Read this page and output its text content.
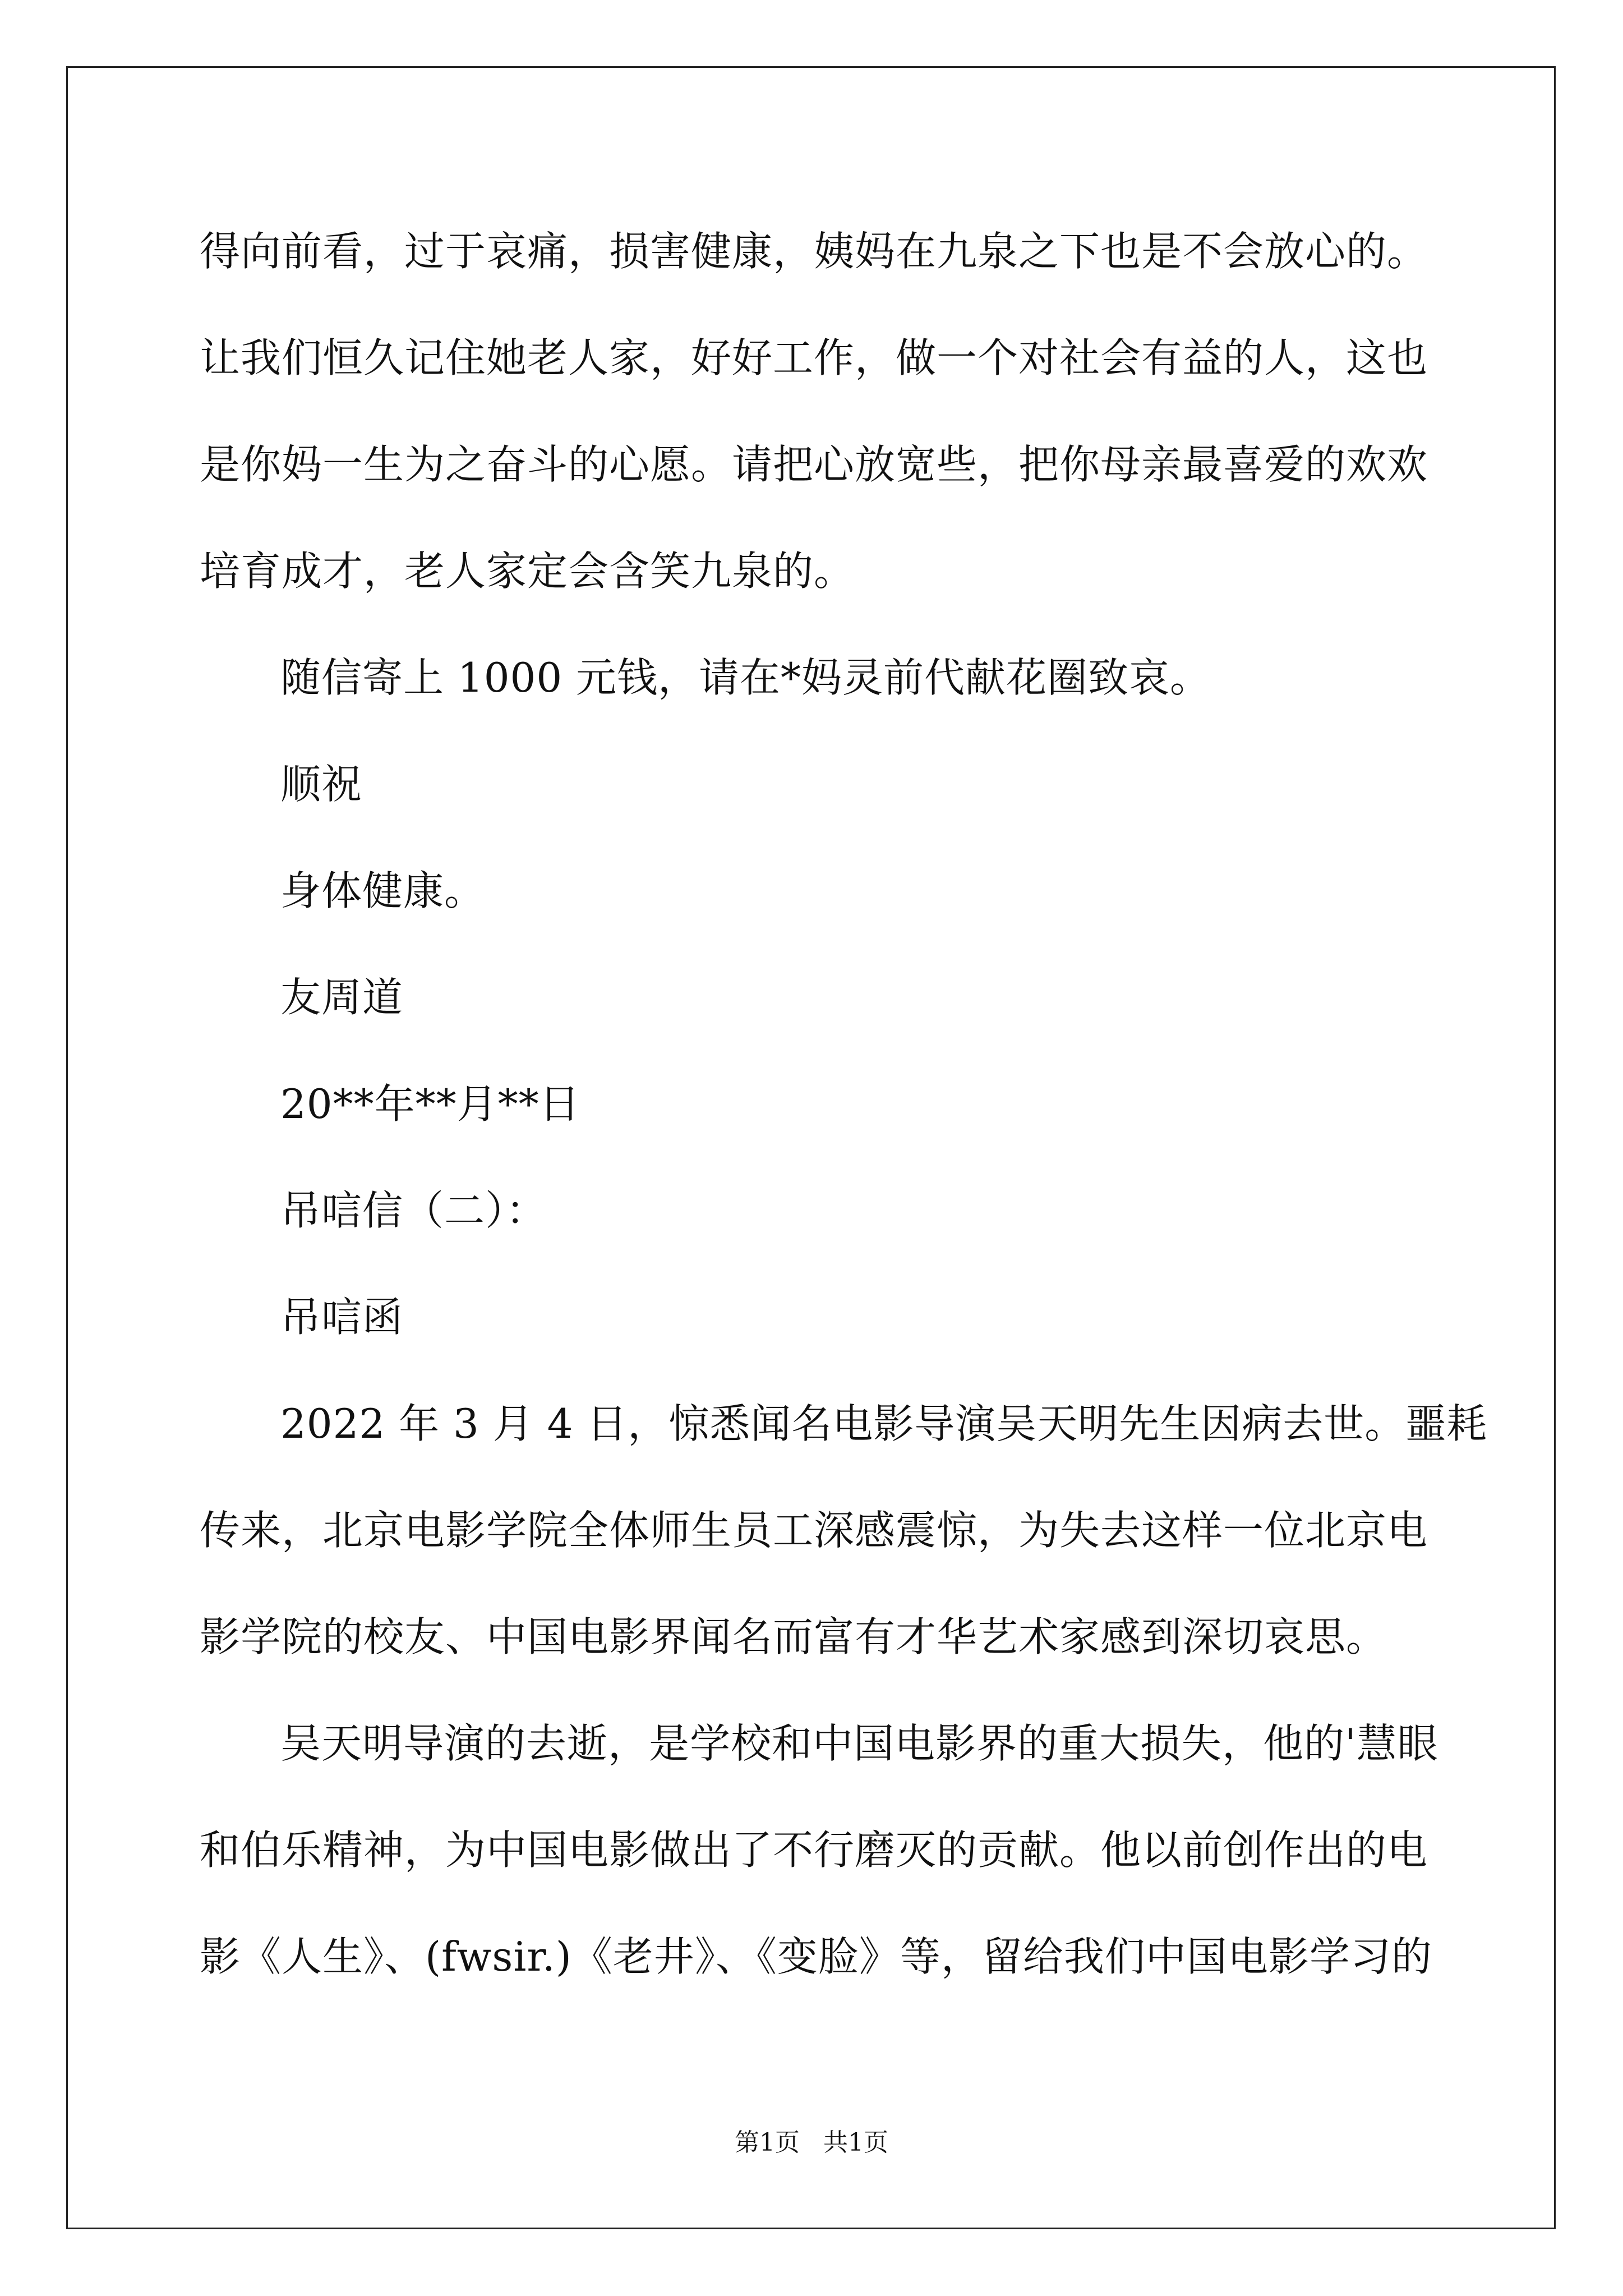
得向前看，过于哀痛，损害健康，姨妈在九泉之下也是不会放心的。
让我们恒久记住她老人家，好好工作，做一个对社会有益的人，这也
是你妈一生为之奋斗的心愿。请把心放宽些，把你母亲最喜爱的欢欢
培育成才，老人家定会含笑九泉的。
随信寄上 1000 元钱，请在*妈灵前代献花圈致哀。
顺祝
身体健康。
友周道
20**年**月**日
吊唁信（二）：
吊唁函
2022 年 3 月 4 日，惊悉闻名电影导演吴天明先生因病去世。噩耗
传来，北京电影学院全体师生员工深感震惊，为失去这样一位北京电
影学院的校友、中国电影界闻名而富有才华艺术家感到深切哀思。
吴天明导演的去逝，是学校和中国电影界的重大损失，他的'慧眼
和伯乐精神，为中国电影做出了不行磨灭的贡献。他以前创作出的电
影《人生》、(fwsir.)《老井》、《变脸》等，留给我们中国电影学习的
第1页   共1页
